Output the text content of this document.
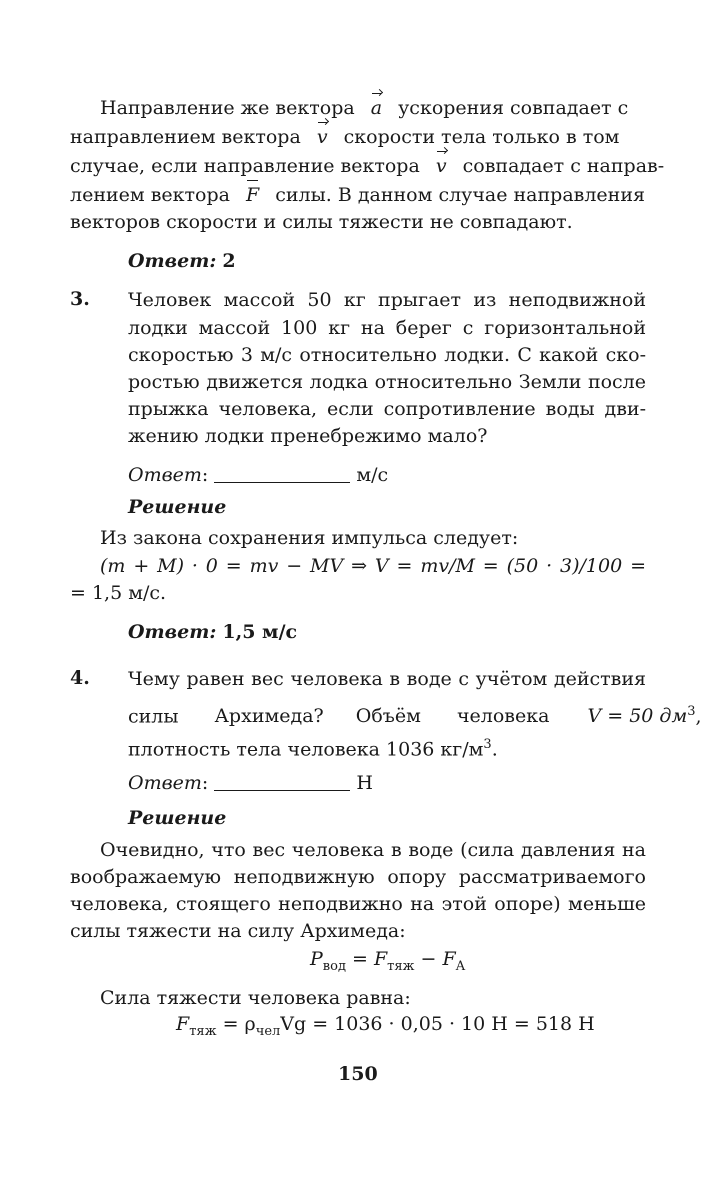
Направление же вектора a ускорения совпадает с
направлением вектора v скорости тела только в том
случае, если направление вектора v совпадает с направ-
лением вектора F силы. В данном случае направления
векторов скорости и силы тяжести не совпадают.
Ответ: 2
3. Человек массой 50 кг прыгает из неподвижной
лодки массой 100 кг на берег с горизонтальной
скоростью 3 м/с относительно лодки. С какой ско-
ростью движется лодка относительно Земли после
прыжка человека, если сопротивление воды дви-
жению лодки пренебрежимо мало?
Ответ:	м/с
Решение
Из закона сохранения импульса следует:
(m + M) · 0 = mv − MV ⇒ V = mv/M = (50 · 3)/100 =
= 1,5 м/с.
Ответ: 1,5 м/с
4. Чему равен вес человека в воде с учётом действия
силы Архимеда? Объём человека V = 50 $дм^3$,
плотность тела человека 1036 $кг/м^3$.
Ответ:	Н
Решение
Очевидно, что вес человека в воде (сила давления на
воображаемую неподвижную опору рассматриваемого
человека, стоящего неподвижно на этой опоре) меньше
силы тяжести на силу Архимеда:
$P_{вод} = F_{тяж} - F_A$
Сила тяжести человека равна:
$F_{тяж} = \rho_{чел}Vg = 1036 \cdot 0,05 \cdot 10$ Н = 518 Н
150
